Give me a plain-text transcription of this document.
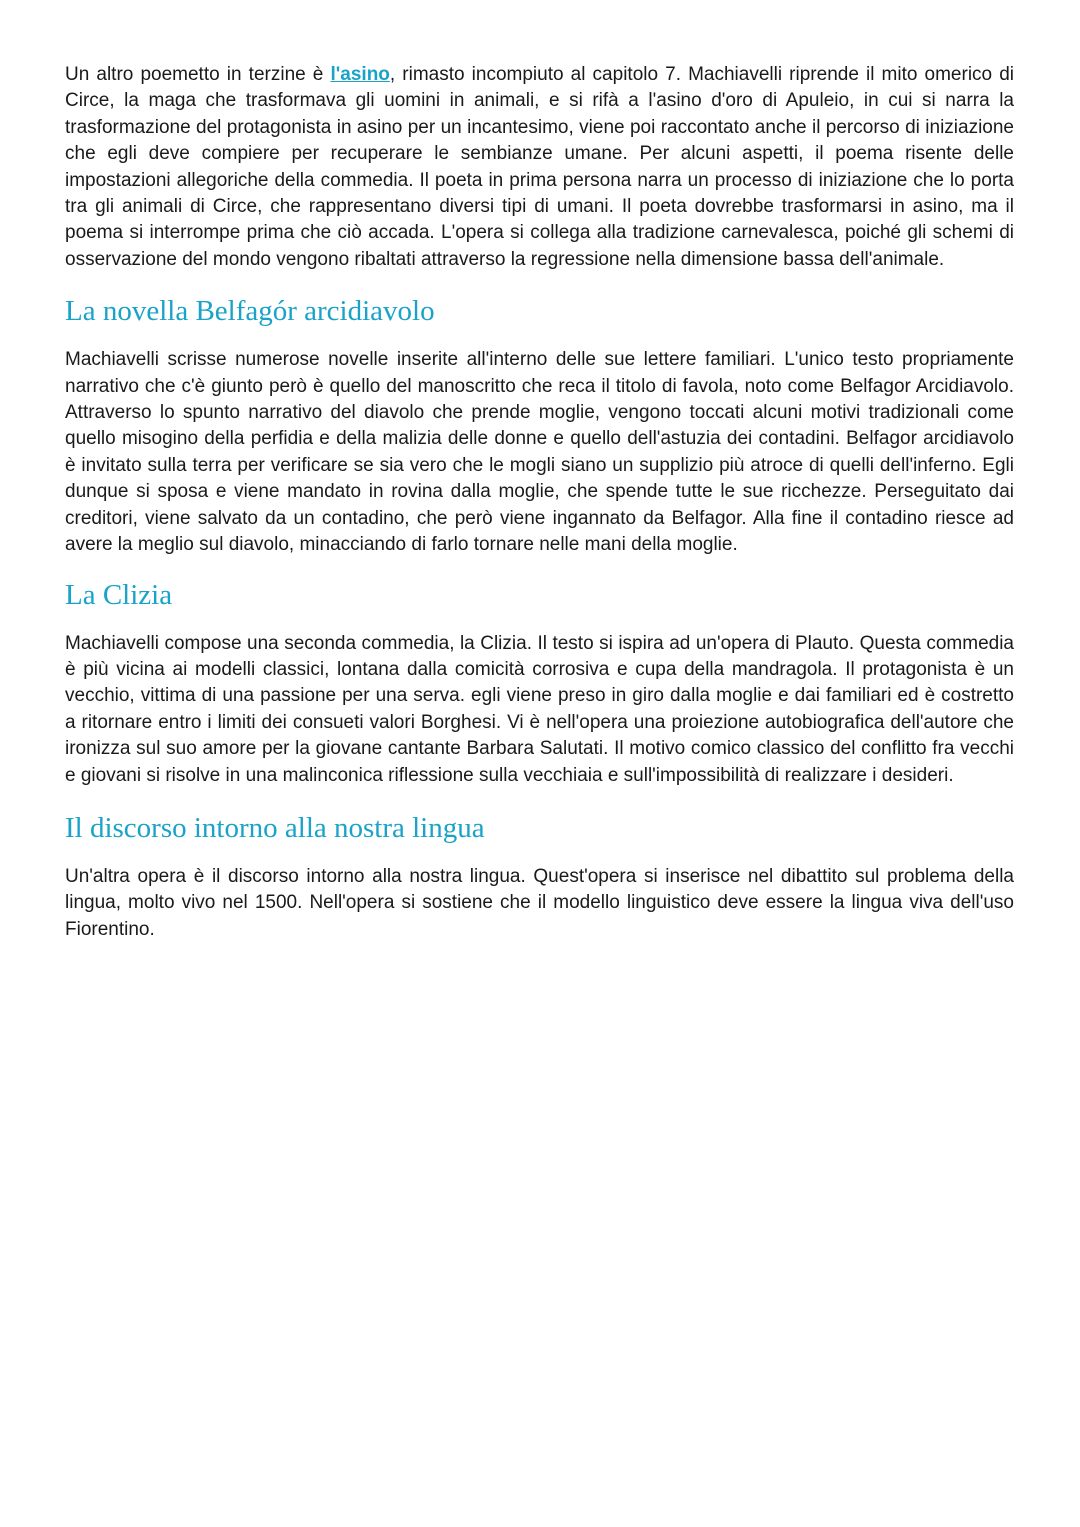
Un altro poemetto in terzine è l'asino, rimasto incompiuto al capitolo 7. Machiavelli riprende il mito omerico di Circe, la maga che trasformava gli uomini in animali, e si rifà a l'asino d'oro di Apuleio, in cui si narra la trasformazione del protagonista in asino per un incantesimo, viene poi raccontato anche il percorso di iniziazione che egli deve compiere per recuperare le sembianze umane. Per alcuni aspetti, il poema risente delle impostazioni allegoriche della commedia. Il poeta in prima persona narra un processo di iniziazione che lo porta tra gli animali di Circe, che rappresentano diversi tipi di umani. Il poeta dovrebbe trasformarsi in asino, ma il poema si interrompe prima che ciò accada. L'opera si collega alla tradizione carnevalesca, poiché gli schemi di osservazione del mondo vengono ribaltati attraverso la regressione nella dimensione bassa dell'animale.

La novella Belfagór arcidiavolo

Machiavelli scrisse numerose novelle inserite all'interno delle sue lettere familiari. L'unico testo propriamente narrativo che c'è giunto però è quello del manoscritto che reca il titolo di favola, noto come Belfagor Arcidiavolo. Attraverso lo spunto narrativo del diavolo che prende moglie, vengono toccati alcuni motivi tradizionali come quello misogino della perfidia e della malizia delle donne e quello dell'astuzia dei contadini. Belfagor arcidiavolo è invitato sulla terra per verificare se sia vero che le mogli siano un supplizio più atroce di quelli dell'inferno. Egli dunque si sposa e viene mandato in rovina dalla moglie, che spende tutte le sue ricchezze. Perseguitato dai creditori, viene salvato da un contadino, che però viene ingannato da Belfagor. Alla fine il contadino riesce ad avere la meglio sul diavolo, minacciando di farlo tornare nelle mani della moglie.

La Clizia

Machiavelli compose una seconda commedia, la Clizia. Il testo si ispira ad un'opera di Plauto. Questa commedia è più vicina ai modelli classici, lontana dalla comicità corrosiva e cupa della mandragola. Il protagonista è un vecchio, vittima di una passione per una serva. egli viene preso in giro dalla moglie e dai familiari ed è costretto a ritornare entro i limiti dei consueti valori Borghesi. Vi è nell'opera una proiezione autobiografica dell'autore che ironizza sul suo amore per la giovane cantante Barbara Salutati. Il motivo comico classico del conflitto fra vecchi e giovani si risolve in una malinconica riflessione sulla vecchiaia e sull'impossibilità di realizzare i desideri.

Il discorso intorno alla nostra lingua

Un'altra opera è il discorso intorno alla nostra lingua. Quest'opera si inserisce nel dibattito sul problema della lingua, molto vivo nel 1500. Nell'opera si sostiene che il modello linguistico deve essere la lingua viva dell'uso Fiorentino.
